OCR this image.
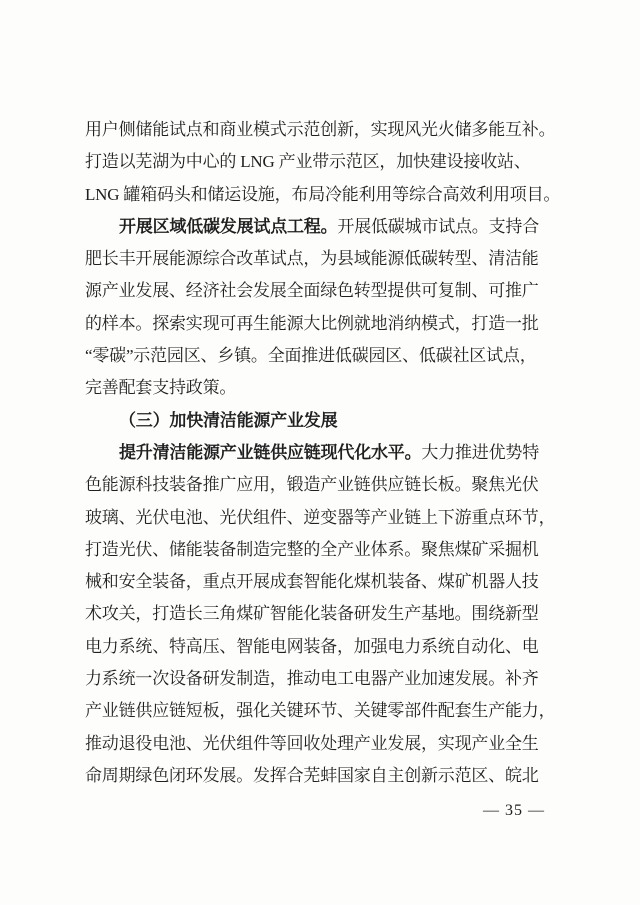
用户侧储能试点和商业模式示范创新，实现风光火储多能互补。
打造以芜湖为中心的 LNG 产业带示范区，加快建设接收站、
LNG 罐箱码头和储运设施，布局冷能利用等综合高效利用项目。
开展区域低碳发展试点工程。开展低碳城市试点。支持合
肥长丰开展能源综合改革试点，为县域能源低碳转型、清洁能
源产业发展、经济社会发展全面绿色转型提供可复制、可推广
的样本。探索实现可再生能源大比例就地消纳模式，打造一批
“零碳”示范园区、乡镇。全面推进低碳园区、低碳社区试点，
完善配套支持政策。
（三）加快清洁能源产业发展
提升清洁能源产业链供应链现代化水平。大力推进优势特
色能源科技装备推广应用，锻造产业链供应链长板。聚焦光伏
玻璃、光伏电池、光伏组件、逆变器等产业链上下游重点环节，
打造光伏、储能装备制造完整的全产业体系。聚焦煤矿采掘机
械和安全装备，重点开展成套智能化煤机装备、煤矿机器人技
术攻关，打造长三角煤矿智能化装备研发生产基地。围绕新型
电力系统、特高压、智能电网装备，加强电力系统自动化、电
力系统一次设备研发制造，推动电工电器产业加速发展。补齐
产业链供应链短板，强化关键环节、关键零部件配套生产能力，
推动退役电池、光伏组件等回收处理产业发展，实现产业全生
命周期绿色闭环发展。发挥合芜蚌国家自主创新示范区、皖北
— 35 —
